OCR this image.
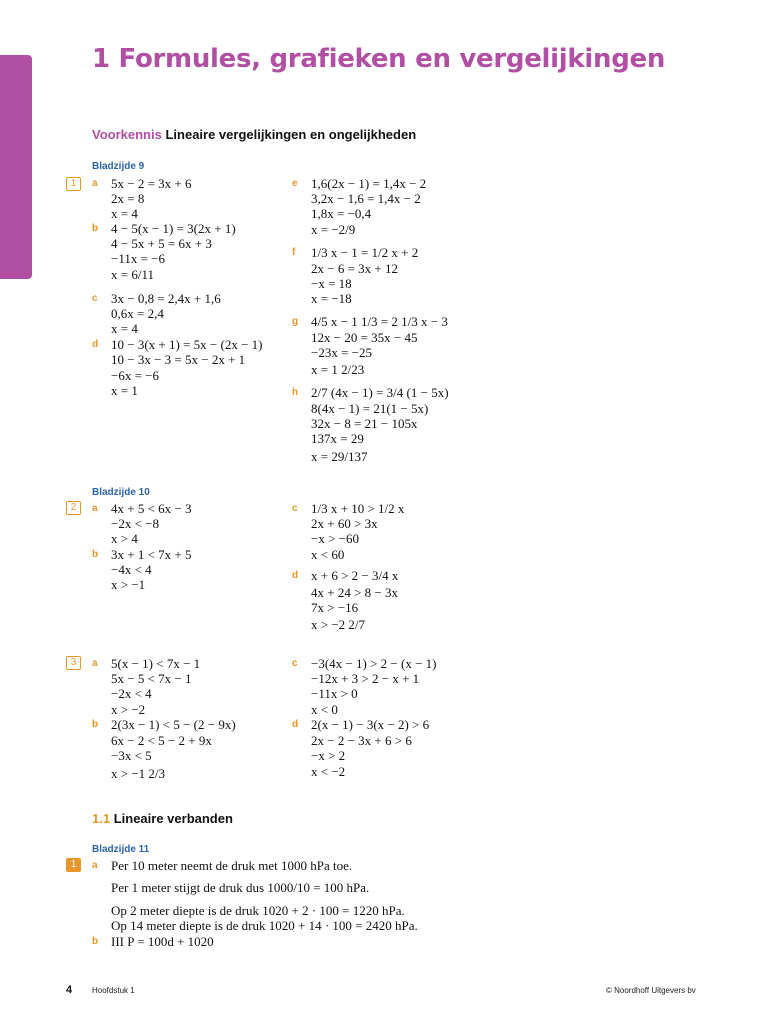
1 Formules, grafieken en vergelijkingen
Voorkennis Lineaire vergelijkingen en ongelijkheden
Bladzijde 9
1	a 5x − 2 = 3x + 6
2x = 8
x = 4
b 4 − 5(x − 1) = 3(2x + 1)
4 − 5x + 5 = 6x + 3
−11x = −6
x = 6/11
c 3x − 0,8 = 2,4x + 1,6
0,6x = 2,4
x = 4
d 10 − 3(x + 1) = 5x − (2x − 1)
10 − 3x − 3 = 5x − 2x + 1
−6x = −6
x = 1
e 1,6(2x − 1) = 1,4x − 2
3,2x − 1,6 = 1,4x − 2
1,8x = −0,4
x = −2/9
f 1/3 x − 1 = 1/2 x + 2
2x − 6 = 3x + 12
−x = 18
x = −18
g 4/5 x − 1 1/3 = 2 1/3 x − 3
12x − 20 = 35x − 45
−23x = −25
x = 1 2/23
h 2/7 (4x − 1) = 3/4 (1 − 5x)
8(4x − 1) = 21(1 − 5x)
32x − 8 = 21 − 105x
137x = 29
x = 29/137
Bladzijde 10
2	a 4x + 5 < 6x − 3
−2x < −8
x > 4
b 3x + 1 < 7x + 5
−4x < 4
x > −1
c 1/3 x + 10 > 1/2 x
2x + 60 > 3x
−x > −60
x < 60
d x + 6 > 2 − 3/4 x
4x + 24 > 8 − 3x
7x > −16
x > −2 2/7
3	a 5(x − 1) < 7x − 1
5x − 5 < 7x − 1
−2x < 4
x > −2
b 2(3x − 1) < 5 − (2 − 9x)
6x − 2 < 5 − 2 + 9x
−3x < 5
x > −1 2/3
c −3(4x − 1) > 2 − (x − 1)
−12x + 3 > 2 − x + 1
−11x > 0
x < 0
d 2(x − 1) − 3(x − 2) > 6
2x − 2 − 3x + 6 > 6
−x > 2
x < −2
1.1 Lineaire verbanden
Bladzijde 11
1	a Per 10 meter neemt de druk met 1000 hPa toe.
Per 1 meter stijgt de druk dus 1000/10 = 100 hPa.
Op 2 meter diepte is de druk 1020 + 2 · 100 = 1220 hPa.
Op 14 meter diepte is de druk 1020 + 14 · 100 = 2420 hPa.
b III P = 100d + 1020
4 Hoofdstuk 1	© Noordhoff Uitgevers bv
